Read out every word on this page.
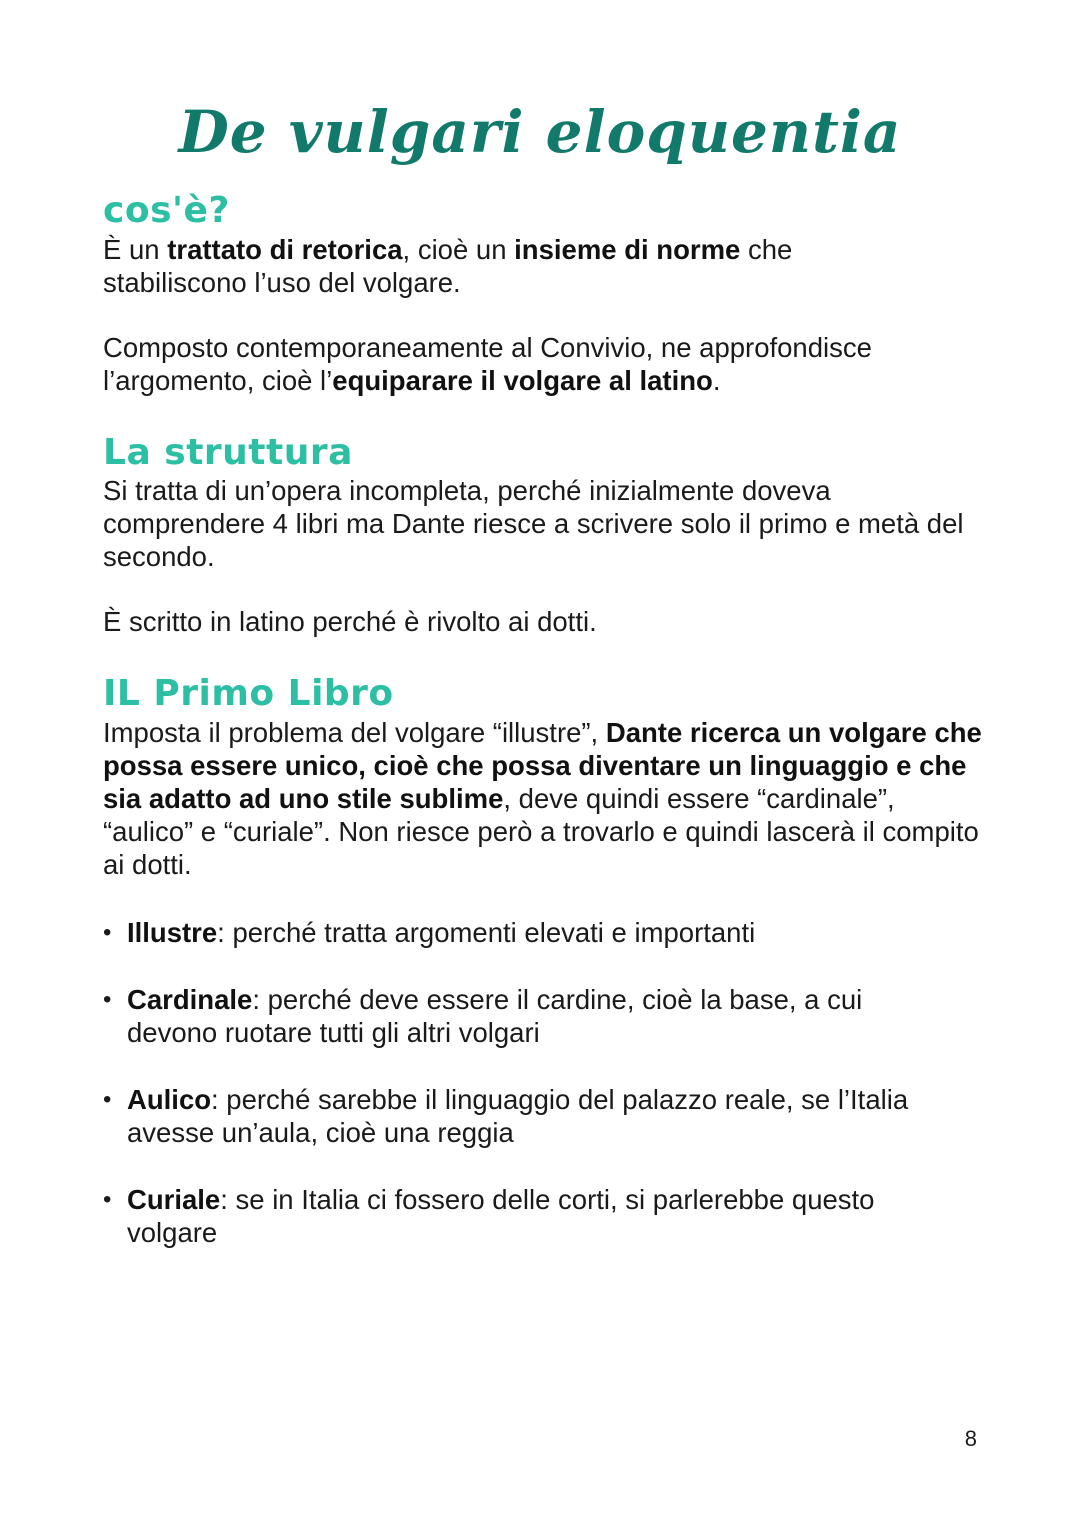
De vulgari eloquentia
cos'è?
È un trattato di retorica, cioè un insieme di norme che stabiliscono l’uso del volgare.
Composto contemporaneamente al Convivio, ne approfondisce l’argomento, cioè l’equiparare il volgare al latino.
La struttura
Si tratta di un’opera incompleta, perché inizialmente doveva comprendere 4 libri ma Dante riesce a scrivere solo il primo e metà del secondo.
È scritto in latino perché è rivolto ai dotti.
IL Primo Libro
Imposta il problema del volgare “illustre”, Dante ricerca un volgare che possa essere unico, cioè che possa diventare un linguaggio e che sia adatto ad uno stile sublime, deve quindi essere “cardinale”, “aulico” e “curiale”. Non riesce però a trovarlo e quindi lascerà il compito ai dotti.
• Illustre: perché tratta argomenti elevati e importanti
• Cardinale: perché deve essere il cardine, cioè la base, a cui devono ruotare tutti gli altri volgari
• Aulico: perché sarebbe il linguaggio del palazzo reale, se l’Italia avesse un’aula, cioè una reggia
• Curiale: se in Italia ci fossero delle corti, si parlerebbe questo volgare
8
